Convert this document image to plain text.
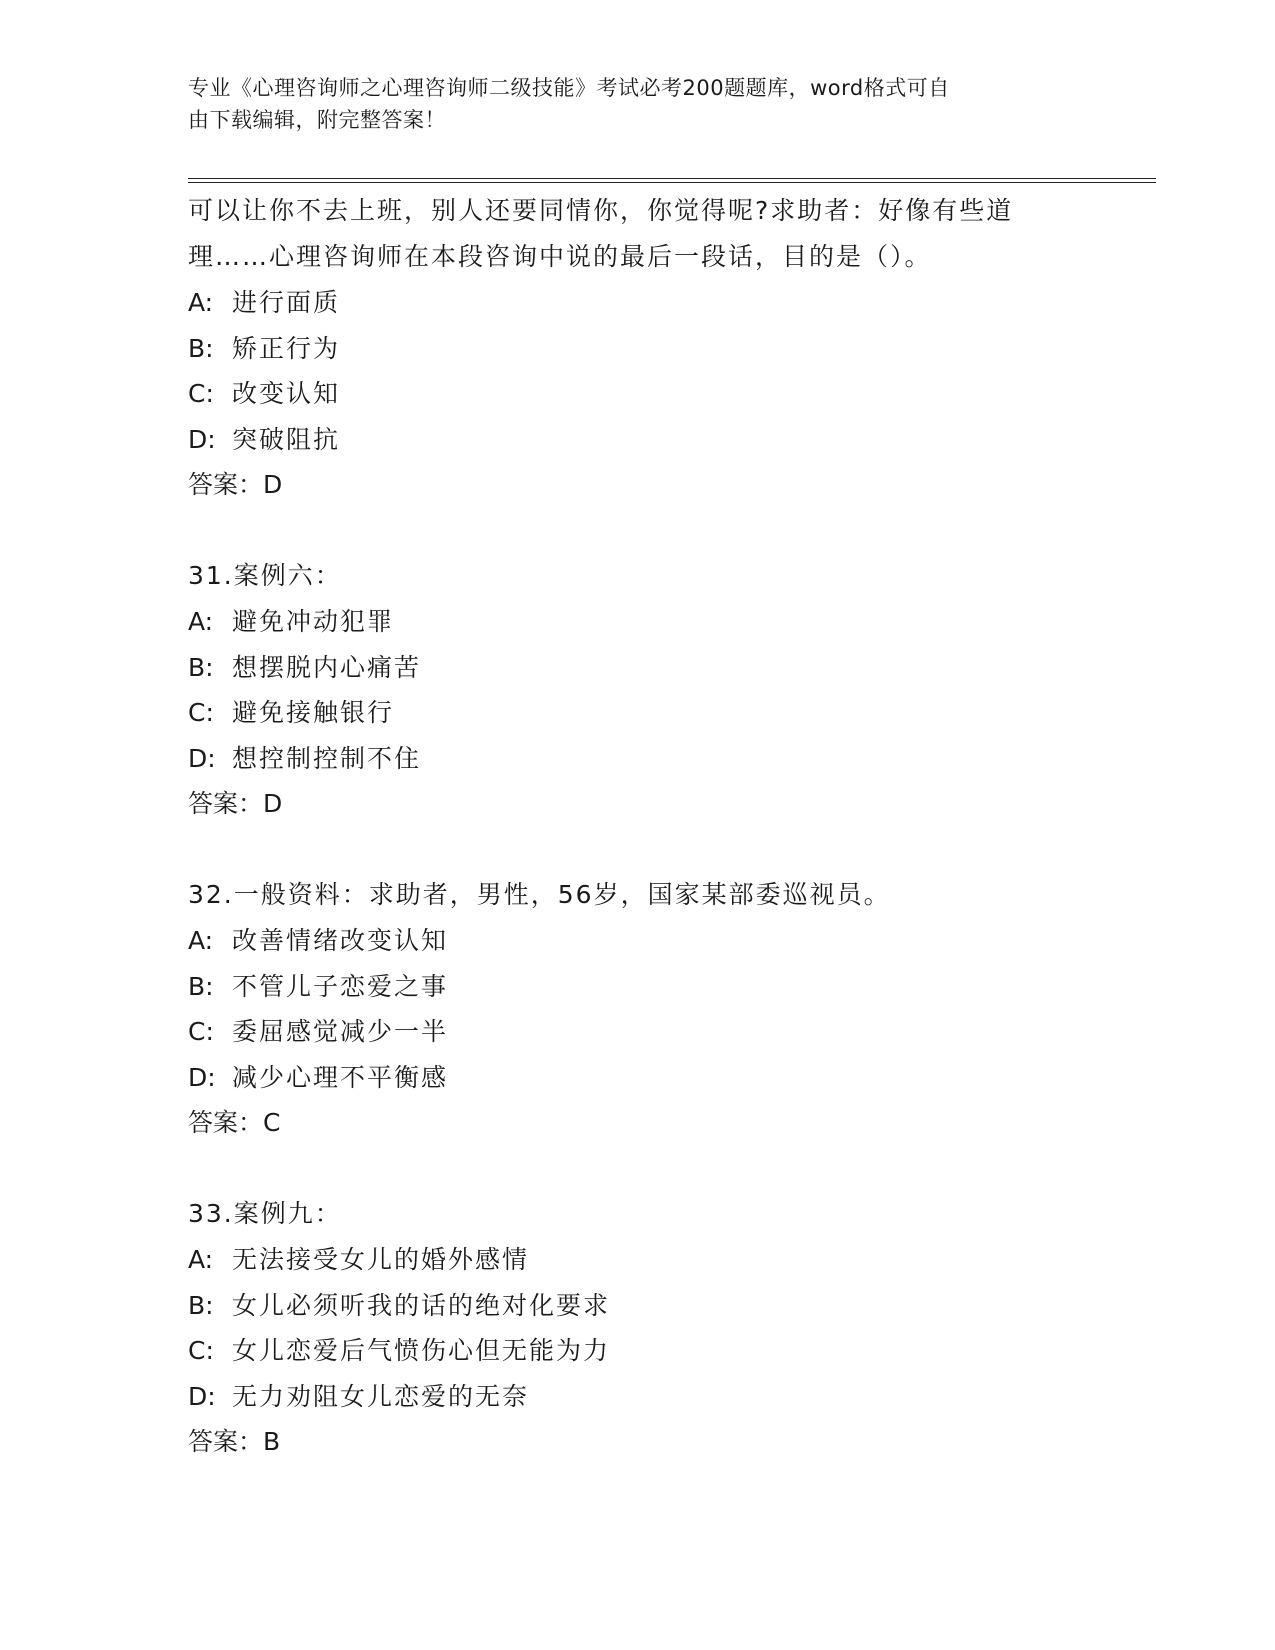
专业《心理咨询师之心理咨询师二级技能》考试必考200题题库，word格式可自
由下载编辑，附完整答案！
可以让你不去上班，别人还要同情你，你觉得呢?求助者：好像有些道
理……心理咨询师在本段咨询中说的最后一段话，目的是（）。
A: 进行面质
B: 矫正行为
C: 改变认知
D: 突破阻抗
答案：D
31.案例六：
A: 避免冲动犯罪
B: 想摆脱内心痛苦
C: 避免接触银行
D: 想控制控制不住
答案：D
32.一般资料：求助者，男性，56岁，国家某部委巡视员。
A: 改善情绪改变认知
B: 不管儿子恋爱之事
C: 委屈感觉减少一半
D: 减少心理不平衡感
答案：C
33.案例九：
A: 无法接受女儿的婚外感情
B: 女儿必须听我的话的绝对化要求
C: 女儿恋爱后气愤伤心但无能为力
D: 无力劝阻女儿恋爱的无奈
答案：B
